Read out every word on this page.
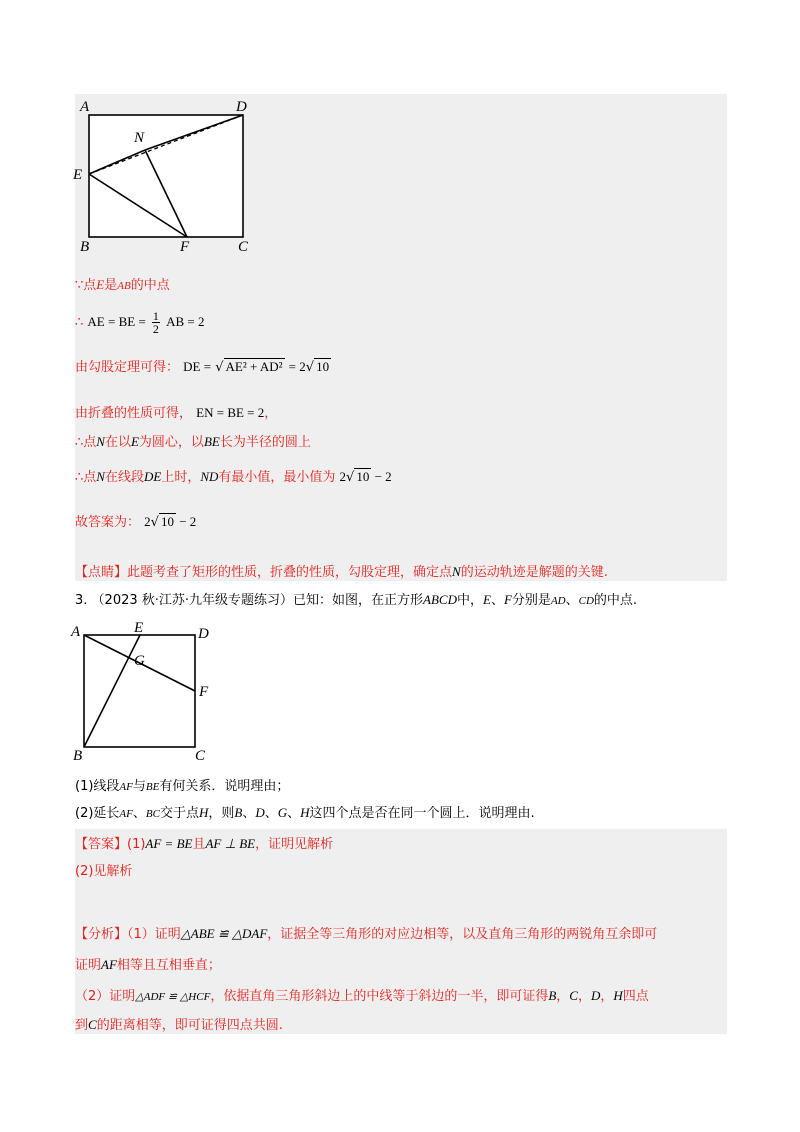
A	D
N
E
B	F	C
∵点E是AB的中点
∴ AE = BE = $\frac{1}{2}$ AB = 2
由勾股定理可得： DE = √ AE² + AD² = 2√ 10
由折叠的性质可得， EN = BE = 2，
∴点N在以E为圆心，以BE长为半径的圆上
∴点N在线段DE上时，ND有最小值，最小值为 2√ 10 − 2
故答案为： 2√ 10 − 2
【点睛】此题考查了矩形的性质，折叠的性质，勾股定理，确定点N的运动轨迹是解题的关键.
3. （2023 秋·江苏·九年级专题练习）已知：如图，在正方形ABCD中，E、F分别是AD、CD的中点.
A	E	D
G
F
B	C
(1)线段AF与BE有何关系．说明理由；
(2)延长AF、BC交于点H，则B、D、G、H这四个点是否在同一个圆上．说明理由.
【答案】(1)AF = BE且AF ⊥ BE，证明见解析
(2)见解析
【分析】（1）证明△ABE ≌ △DAF，证据全等三角形的对应边相等，以及直角三角形的两锐角互余即可
证明AF相等且互相垂直；
（2）证明△ADF ≌ △HCF，依据直角三角形斜边上的中线等于斜边的一半，即可证得B，C，D，H四点
到C的距离相等，即可证得四点共圆.
